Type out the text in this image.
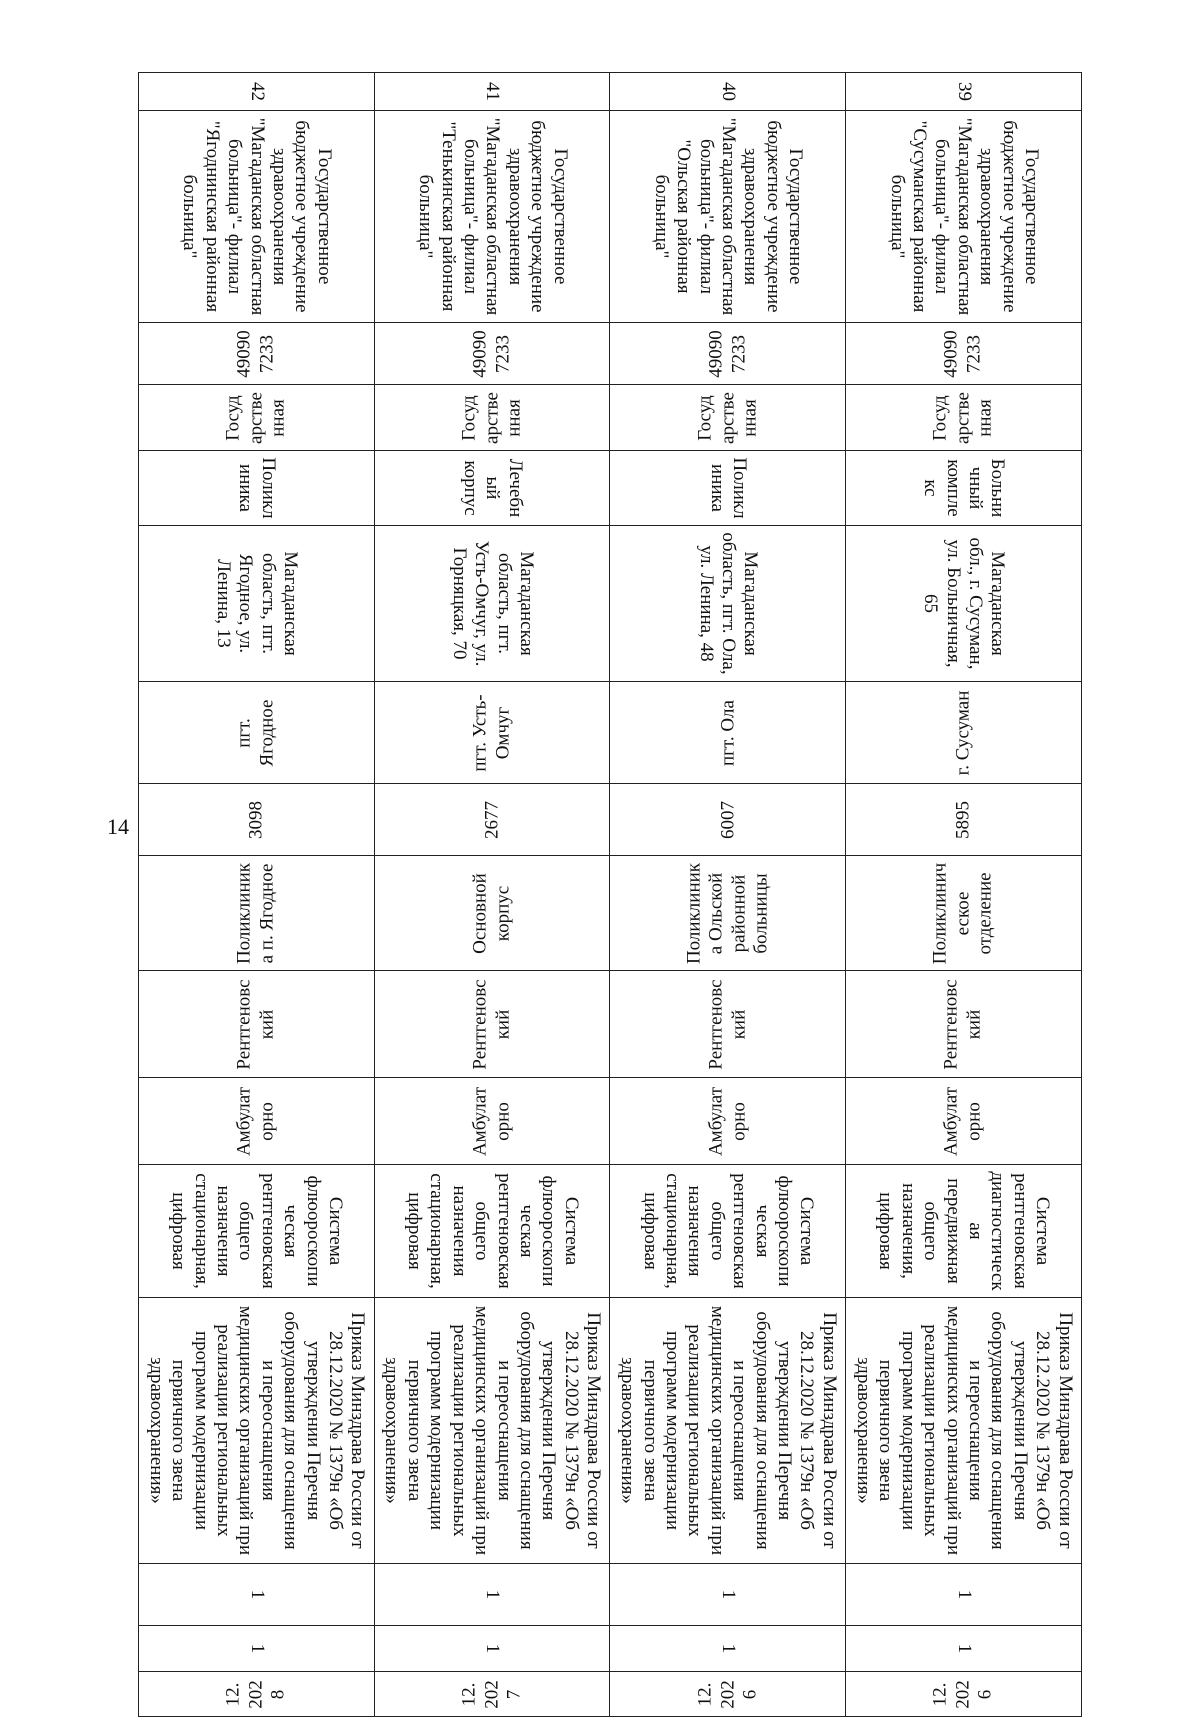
14
39	Государственное бюджетное учреждение здравоохранения "Магаданская областная больница"- филиал "Сусуманская районная больница"	490907233	Государственная	Больничный комплекс	Магаданская обл., г. Сусуман, ул. Больничная, 65	г. Сусуман	5895	Поликлиническое отделение	Рентгеновский	Амбулаторно	Система рентгеновская диагностическая передвижная общего назначения, цифровая	Приказ Минздрава России от 28.12.2020 № 1379н «Об утверждении Перечня оборудования для оснащения и переоснащения медицинских организаций при реализации региональных программ модернизации первичного звена здравоохранения»	1	1	12.2026
40	Государственное бюджетное учреждение здравоохранения "Магаданская областная больница"- филиал "Ольская районная больница"	490907233	Государственная	Поликлиника	Магаданская область, пгт. Ола, ул. Ленина, 48	пгт. Ола	6007	Поликлиника Ольской районной больницы	Рентгеновский	Амбулаторно	Система флюороскопическая рентгеновская общего назначения стационарная, цифровая	Приказ Минздрава России от 28.12.2020 № 1379н «Об утверждении Перечня оборудования для оснащения и переоснащения медицинских организаций при реализации региональных программ модернизации первичного звена здравоохранения»	1	1	12.2026
41	Государственное бюджетное учреждение здравоохранения "Магаданская областная больница"- филиал "Тенькинская районная больница"	490907233	Государственная	Лечебный корпус	Магаданская область, пгт. Усть-Омчуг, ул. Горняцкая, 70	пгт. Усть-Омчуг	2677	Основной корпус	Рентгеновский	Амбулаторно	Система флюороскопическая рентгеновская общего назначения стационарная, цифровая	Приказ Минздрава России от 28.12.2020 № 1379н «Об утверждении Перечня оборудования для оснащения и переоснащения медицинских организаций при реализации региональных программ модернизации первичного звена здравоохранения»	1	1	12.2027
42	Государственное бюджетное учреждение здравоохранения "Магаданская областная больница"- филиал "Ягоднинская районная больница"	490907233	Государственная	Поликлиника	Магаданская область, пгт. Ягодное, ул. Ленина, 13	пгт. Ягодное	3098	Поликлиника п. Ягодное	Рентгеновский	Амбулаторно	Система флюороскопическая рентгеновская общего назначения стационарная, цифровая	Приказ Минздрава России от 28.12.2020 № 1379н «Об утверждении Перечня оборудования для оснащения и переоснащения медицинских организаций при реализации региональных программ модернизации первичного звена здравоохранения»	1	1	12.2028
